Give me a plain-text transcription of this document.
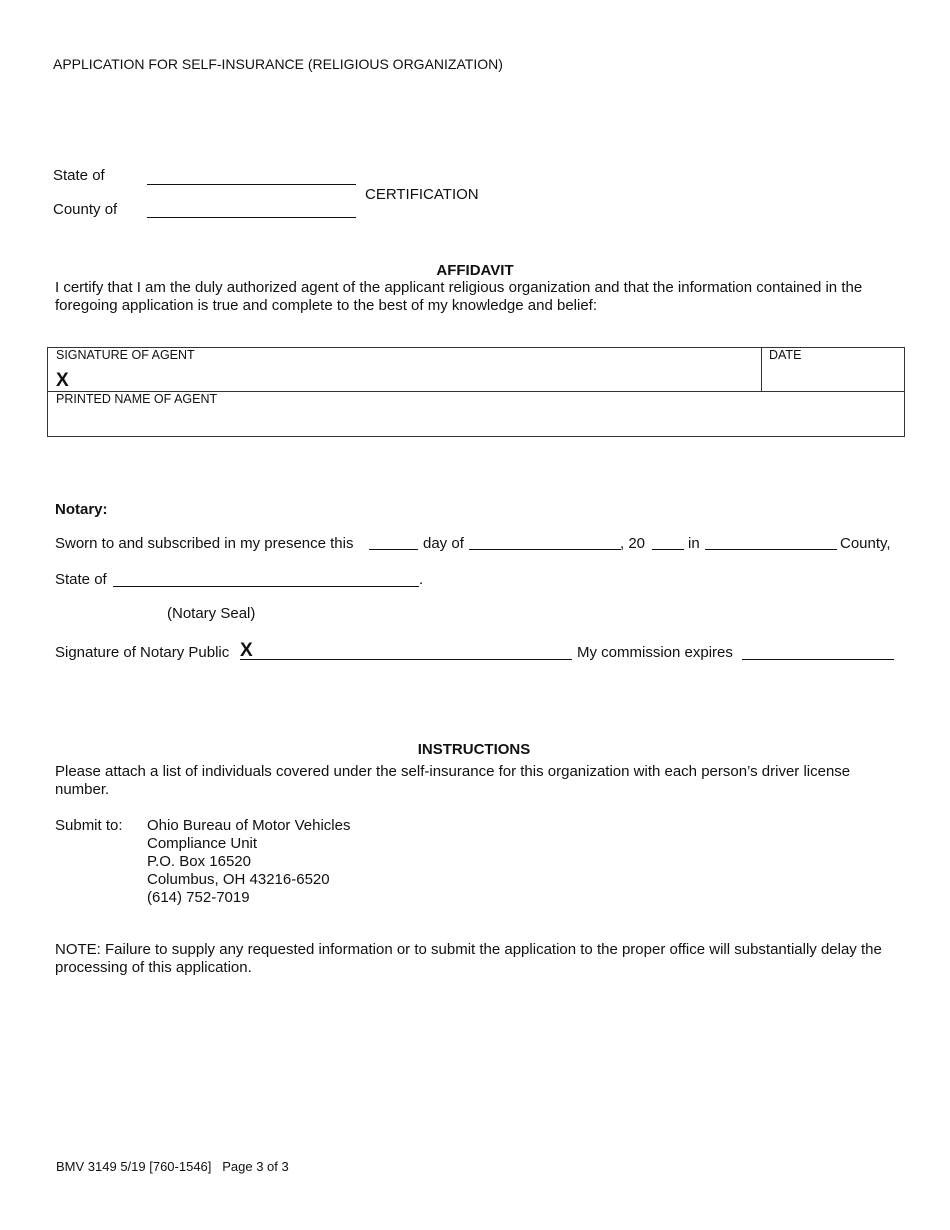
APPLICATION FOR SELF-INSURANCE (RELIGIOUS ORGANIZATION)
State of
County of
CERTIFICATION
AFFIDAVIT
I certify that I am the duly authorized agent of the applicant religious organization and that the information contained in the foregoing application is true and complete to the best of my knowledge and belief:
SIGNATURE OF AGENT
X
DATE
PRINTED NAME OF AGENT
Notary:
Sworn to and subscribed in my presence this	day of	, 20	in	County,
State of	.
(Notary Seal)
Signature of Notary Public X	My commission expires
INSTRUCTIONS
Please attach a list of individuals covered under the self-insurance for this organization with each person’s driver license number.
Submit to: Ohio Bureau of Motor Vehicles
Compliance Unit
P.O. Box 16520
Columbus, OH 43216-6520
(614) 752-7019
NOTE: Failure to supply any requested information or to submit the application to the proper office will substantially delay the processing of this application.
BMV 3149 5/19 [760-1546] Page 3 of 3
